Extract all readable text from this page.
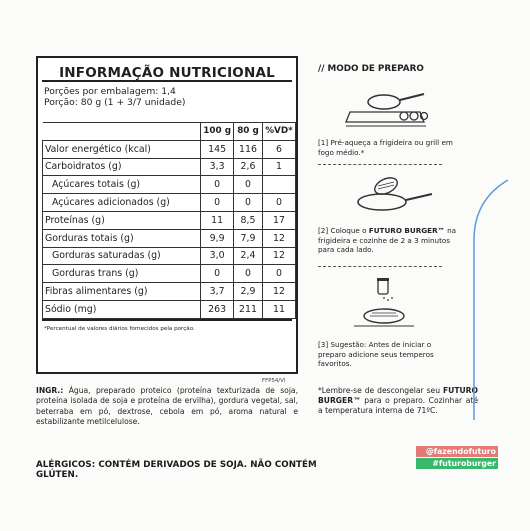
INFORMAÇÃO NUTRICIONAL
Porções por embalagem: 1,4
Porção: 80 g (1 + 3/7 unidade)
	100 g	80 g	%VD*
Valor energético (kcal)	145	116	6
Carboidratos (g)	3,3	2,6	1
Açúcares totais (g)	0	0	
Açúcares adicionados (g)	0	0	0
Proteínas (g)	11	8,5	17
Gorduras totais (g)	9,9	7,9	12
Gorduras saturadas (g)	3,0	2,4	12
Gorduras trans (g)	0	0	0
Fibras alimentares (g)	3,7	2,9	12
Sódio (mg)	263	211	11
*Percentual de valores diários fornecidos pela porção.
FFP54/VI
INGR.: Água, preparado proteico (proteína texturizada de soja, proteína isolada de soja e proteína de ervilha), gordura vegetal, sal, beterraba em pó, dextrose, cebola em pó, aroma natural e estabilizante metilcelulose.
ALÉRGICOS: CONTÉM DERIVADOS DE SOJA. NÃO CONTÉM GLÚTEN.
// MODO DE PREPARO
[1] Pré-aqueça a frigideira ou grill em fogo médio.*
[2] Coloque o FUTURO BURGER™ na frigideira e cozinhe de 2 a 3 minutos para cada lado.
[3] Sugestão: Antes de iniciar o preparo adicione seus temperos favoritos.
*Lembre-se de descongelar seu FUTURO BURGER™ para o preparo. Cozinhar até a temperatura interna de 71ºC.
@fazendofuturo
#futuroburger
